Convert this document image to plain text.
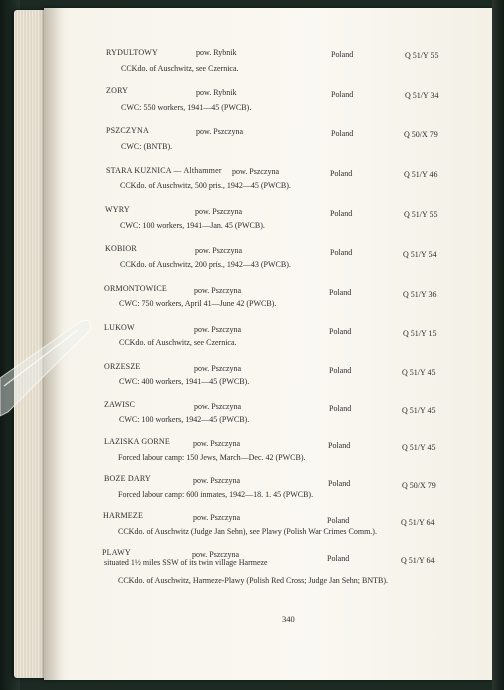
RYDULTOWY	pow. Rybnik	Poland	Q 51/Y 55
CCKdo. of Auschwitz, see Czernica.
ZORY	pow. Rybnik	Poland	Q 51/Y 34
CWC: 550 workers, 1941—45 (PWCB).
PSZCZYNA	pow. Pszczyna	Poland	Q 50/X 79
CWC: (BNTB).
STARA KUZNICA — Althammer pow. Pszczyna	Poland	Q 51/Y 46
CCKdo. of Auschwitz, 500 pris., 1942—45 (PWCB).
WYRY	pow. Pszczyna	Poland	Q 51/Y 55
CWC: 100 workers, 1941—Jan. 45 (PWCB).
KOBIOR	pow. Pszczyna	Poland	Q 51/Y 54
CCKdo. of Auschwitz, 200 pris., 1942—43 (PWCB).
ORMONTOWICE	pow. Pszczyna	Poland	Q 51/Y 36
CWC: 750 workers, April 41—June 42 (PWCB).
LUKOW	pow. Pszczyna	Poland	Q 51/Y 15
CCKdo. of Auschwitz, see Czernica.
ORZESZE	pow. Pszczyna	Poland	Q 51/Y 45
CWC: 400 workers, 1941—45 (PWCB).
ZAWISC	pow. Pszczyna	Poland	Q 51/Y 45
CWC: 100 workers, 1942—45 (PWCB).
LAZISKA GORNE	pow. Pszczyna	Poland	Q 51/Y 45
Forced labour camp: 150 Jews, March—Dec. 42 (PWCB).
BOZE DARY	pow. Pszczyna	Poland	Q 50/X 79
Forced labour camp: 600 inmates, 1942—18. 1. 45 (PWCB).
HARMEZE	pow. Pszczyna	Poland	Q 51/Y 64
CCKdo. of Auschwitz (Judge Jan Sehn), see Plawy (Polish War Crimes Comm.).
PLAWY	pow. Pszczyna	Poland	Q 51/Y 64
situated 1½ miles SSW of its twin village Harmeze
CCKdo. of Auschwitz, Harmeze-Plawy (Polish Red Cross; Judge Jan Sehn; BNTB).
340
